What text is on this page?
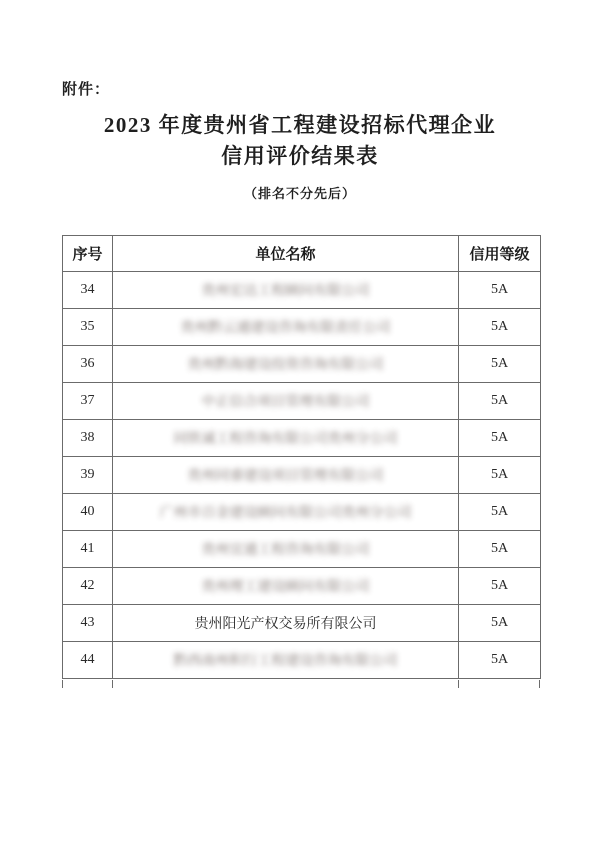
附件：
2023 年度贵州省工程建设招标代理企业
信用评价结果表
（排名不分先后）
序号	单位名称	信用等级
34	贵州宏达工程顾问有限公司	5A
35	贵州黔云通建设咨询有限责任公司	5A
36	贵州黔海建设投资咨询有限公司	5A
37	中正信合项目管理有限公司	5A
38	同铁诚工程咨询有限公司贵州分公司	5A
39	贵州同睿建设项目管理有限公司	5A
40	广州市百金建设顾问有限公司贵州分公司	5A
41	贵州宜通工程咨询有限公司	5A
42	贵州理工建设顾问有限公司	5A
43	贵州阳光产权交易所有限公司	5A
44	黔西南州积行工程建设咨询有限公司	5A
